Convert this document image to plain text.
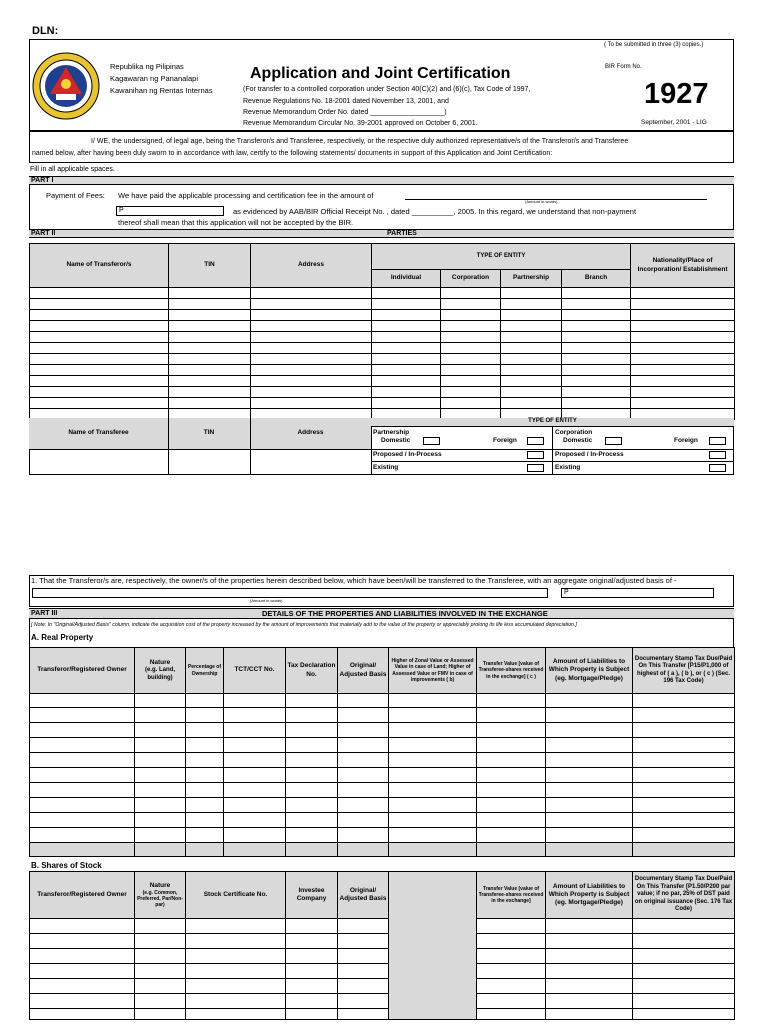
DLN:
( To be submitted in three (3) copies.)
Republika ng Pilipinas
Kagawaran ng Pananalapi
Kawanihan ng Rentas Internas
Application and Joint Certification
(For transfer to a controlled corporation under Section 40(C)(2) and (6)(c), Tax Code of 1997,
Revenue Regulations No. 18-2001 dated November 13, 2001, and
Revenue Memorandum Order No. dated ___________________)
Revenue Memorandum Circular No. 39-2001 approved on October 6, 2001.
BIR Form No.
1927
September, 2001 - LIG
I/ WE, the undersigned, of legal age, being the Transferor/s and Transferee, respectively, or the respective duly authorized representative/s of the Transferor/s and Transferee
named below, after having been duly sworn to in accordance with law, certify to the following statements/ documents in support of this Application and Joint Certification:
Fill in all applicable spaces.
PART I
Payment of Fees: We have paid the applicable processing and certification fee in the amount of
(Amount in words)
P	as evidenced by AAB/BIR Official Receipt No. , dated __________, 2005. In this regard, we understand that non-payment
thereof shall mean that this application will not be accepted by the BIR.
PART II	PARTIES
Name of Transferor/s	TIN	Address	TYPE OF ENTITY				Nationality/Place of Incorporation/ Establishment

Individual	Corporation	Partnership	Branch	

Name of Transferee	TIN	Address
TYPE OF ENTITY
Partnership
Domestic	Foreign
Corporation
Domestic	Foreign
Proposed / In-Process
Existing
Proposed / In-Process
Existing
1. That the Transferor/s are, respectively, the owner/s of the properties herein described below, which have been/will be transferred to the Transferee, with an aggregate original/adjusted basis of -
(Amount in words)
P
PART III	DETAILS OF THE PROPERTIES AND LIABILITIES INVOLVED IN THE EXCHANGE
[ Note: In "Original/Adjusted Basis" column, indicate the acquisition cost of the property increased by the amount of improvements that materially add to the value of the property or appreciably prolong its life less accumulated depreciation.]
A. Real Property
Transferor/Registered Owner	Nature
(e.g. Land, building)	Percentage of Ownership	TCT/CCT No.	Tax Declaration No.	Original/ Adjusted Basis	Higher of Zonal Value or Assessed Value in case of Land; Higher of Assessed Value or FMV in case of improvements ( b)	Transfer Value [value of Transferee-shares received in the exchange] ( c )	Amount of Liabilities to Which Property is Subject (eg. Mortgage/Pledge)	Documentary Stamp Tax Due/Paid On This Transfer [P15/P1,000 of highest of ( a ), ( b ), or ( c ) (Sec. 196 Tax Code)

B. Shares of Stock
Transferor/Registered Owner	Nature
(e.g. Common, Preferred, Par/Non-par)	Stock Certificate No.	Investee Company	Original/ Adjusted Basis		Transfer Value [value of Transferee-shares received in the exchange]	Amount of Liabilities to Which Property is Subject (eg. Mortgage/Pledge)	Documentary Stamp Tax Due/Paid On This Transfer [P1.50/P200 par value; if no par, 25% of DST paid on original issuance (Sec. 176 Tax Code)
